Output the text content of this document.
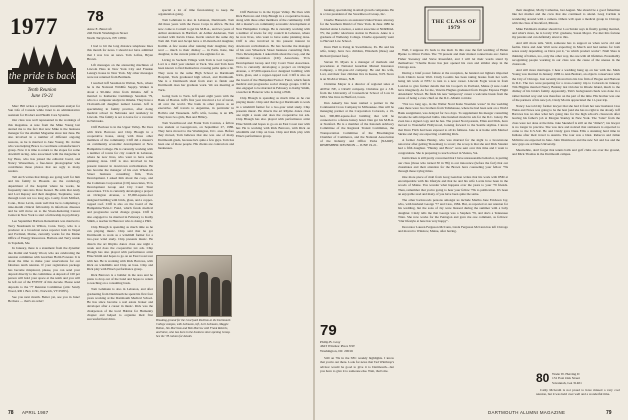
1977
the pride is back
Tenth Reunion
June 19-21

Marc Bill writes a properly investment analyst for Sun Life of Canada while Janet is an administrative assistant for Product and Health Care Systems.

Our class was well represented in the workings of this magazine. A note from the Mike Young last alerted me to the fact that now Mike is the business manager for the Alumni Magazine since last June. He also involved in a number of different ongoing reasons, as he is married to Jane Young. Dr. Jordan who was helping Bruce to coordinate a manufacturer's group. Now it is time to return to the slopes for some downhill racing. Also associated with the magazine is Jay Hess, who has joined the editorial board, and Nancy Wasserman, a free-lance photographer who contributes those photos that are ugly to many readers.

Tell Arch writes that things are going well for him and his family in Phoenix. As the cardiology department of the hospital where he works, he frequently runs into Dave Kessel. He adds that Andy and Lori Repasy and their daughter, Stephanie, were through town not too long ago. Lastly, from Milford, Conn., Dave Levin, stark well that he is completing a nine-month clinical fellowship in infectious diseases and he will move on to the Sloan-Kettering Cancer Center in New York to start a fellowship in psychiatry.

Lee September Barbara Reisenburn was married to Terry Nussbaum in Wilton, Conn. Terry, who is a producer at a broadcast news reporter both in Nepal and Portland, Maine, currently works for the Maine Office of Energy Resources. Barbara and Terry reside in Topsham, Me.

In January, there is a statement from the dynamic duo Romit and Sandy Wood, who are celebrating the reunion committee with Gretchen Holm Forester. It is about the time to make your reservations for our fabulous tenth reunion. If your registration package has become misplaced, please, you can send your deposit directly to the committee. A deposit of 100 per person will hold your space at the tenth and you will be left out of the EVENT of this decade. Please send deposits to the '77 Reunion Committee (attn: Sandy Wood, RD 1 Box 113C, Norwich, VT 05055).

See you next month. Better yet, see you in June! Be there — that's an order!

78
Anne E. Bancroft
246 North Washington Street
North Tarrytown, NY 10591

I had to hit the long distance telephone lines this month for news. I should not have admitted that I was low on news. Tom Loftus, Bryan Brown.

Lift messages on the answering machines of Lincoln Hass in New York City and Frankie Leung's house in New York. My other messages were not returned from Bermuda.

I reached Jeff Sassman in Walton, Neb., where he is the National Wildlife Supply. Walker is about a 90-mile drive from Omaha. Jeff is married to Katherine Cummings Sassman '79, who is a computer analyst in Omaha. They have a 19-month-old daughter named Lauren. Jeff is specializing in family practice, after doing medical school in Nebraska and residency in Lincoln. The family is set to leave for a vacation in Nebraska.

Cliff Barbour is in the Upper Valley. He lives with Rick Barrows and Chip Blough in a cooperative house, along with three other members of the community. Cliff did a master's on community economic development at New Hampshire College. He is currently working with a number of towns for city council in Lebanon, where he now lives, who want to have some planning done. Cliff is also involved in his present interest in downtown revitalization. He has become the manager of his own Wheelock Street business consulting firm, TGG Development. I asked him about the coop, and the Commons Corporation (CD) Associates, TCG Development Group and City Court Trust Associates. TCG is currently developing a project on Ovington Avenue, a 67,000-square-foot designed building with brick, glass, and a copper-topped roof. Cliff is also on the board of the Hampshire/Twin-C Fund, which funds medical and progressive social change groups. Cliff is also engaged to be married in February to Kathy Smith, a teacher in Hanover who is doing a PhD.

Chip Blough is spending as much time as he can playing music. Chip said that he got Dartmouth to work as a windmill farmer for a two-year wind study. Chip presents music. He directs the art Rhymo dance class one night a week and does the cooperative tax ads. Chip Blough has also played with performance artist Elise Smith and hopes to go on an East Coast tour with her. He is working with Rick Barrows, with Rick on windmills and Chip on bass. Chip and Rick play with Elise's performance group.

Rick Barrows is a builder in the area and he plans to drop out of the band and hopes to return to teaching on a consulting basis.

Tom Lehmann is also in Lebanon, and after graduating from Dartmouth he spent his first four years working at the Dartmouth Medical School. He has since become a real estate broker and developer after a career in music. Rick was the chairperson of the local Habitat for Humanity chapter and helped to organize their first successful fund drive.

special a lot of time fund-raising to keep the organization going.

Tom Lehmann is also in Lebanon, Dartmouth. Tom did three years with the Peace Corps in Africa. He has now come to Cornell to get his M.B.A., and two years of Arthur Andersen in Hartford. At Arthur Andersen, Tom worked with Kevin Chase. Kevin started the same day Tom did. Tom and Jacqui have a 10-month-old daughter, Kaitlin. A few weeks after running their daughter, they wed — much to their dismay — in Paris. Kate, like daughter, is the current pride of the eighties for us.

Living in Sachem Village with Tom is Lori Gaynor. Lori is a third year student at Tuck. She and Tom have been known to find themselves crossing paths quite a bit. They were in the same High School as Dartmouth Hospital, Tuck graduated high school, and Dartmouth. She is a Dartmouth ideal from start to finish and Dartmouth does her graduate work. We are meeting at Tuck.

Going back to Tuck. Jeff spent eight years with the Bank of Boston. Jeff's first year involved a lot of travel, all over the world. The bank in other places as an executive. Jeff travels to Argentina, in particular in Bolivia and Venezuela. Jeff's wife, Louise, is an RN. They have two girls, Ben and Hillary.

Tom Swarthwood and Frank Tom Carolan, a fellow low student at Georgetown, on September 27, 1986. They have moved to the Washington, D.C. area. Before they moved, Tom believes that she was one of many Dartmouth grads, because he's quite a few guys. Tom has been one of those people. His clients are contractors and businesses.

Breaking ground for the Courtyard Pavilion at the Dartmouth College campus, with Lehmann, left, Lori Lehmann, Maggie Bolton, Jim Morrison and Bob Morrow with Frank Roberts, and Steve, who has been in the business since opening Group. See the '78 column for details.

Cliff Barbour is in the Upper Valley. He lives with Rick Barrows and Chip Blough in a cooperative house, along with three other members of the community. Cliff did a master's on community economic development at New Hampshire College. He is currently working with a number of towns for city council in Lebanon, where he now lives, who want to have some planning done. Cliff is also involved in his present interest in downtown revitalization. He has become the manager of his own Wheelock Street business consulting firm, TGG Development. I asked him about the coop, and the Commons Corporation (CD) Associates, TCG Development Group and City Court Trust Associates. TCG is currently developing a project on Ovington Avenue, a 67,000-square-foot designed building with brick, glass, and a copper-topped roof. Cliff is also on the board of the Hampshire/Twin-C Fund, which funds medical and progressive social change groups. Cliff is also engaged to be married in February to Kathy Smith, a teacher in Hanover who is doing a PhD.

Chip Blough is spending as much time as he can playing music. Chip said that he got Dartmouth to work as a windmill farmer for a two-year wind study. Chip presents music. He directs the art Rhymo dance class one night a week and does the cooperative tax ads. Chip Blough has also played with performance artist Elise Smith and hopes to go on an East Coast tour with her. He is working with Rick Barrows, with Rick on windmills and Chip on bass. Chip and Rick play with Elise's performance group.

78 APRIL 1987

banking, specializing in small growth companies. He is a vice president of the Swarthwood Group, Inc.

Charlie Hansen is an assistant United States attorney for the Southern District of New York. In June 1986 he married Anne Lovelace, a senior associate at NORMAL TV, the public television station in Boston. Anne is a graduate of Wellesley College. Charlie apparently went to Harvard Law School.

Dave Hall is living in Swarthmore, Pa. He and his wife, Jenny, have two children, Elizabeth (three) and Richard (turned four).

Steven W. Myers is a manager of methods and procedures at National Guardian Mutual Insurance Company, a 60-year-old company. He and his wife, Lori, and their four children live in Keene, N.H. Steve is an NGM at Weare, N.H.

Christine Meyer is a director of regional sales at ADVA/ NE, a CRAN company. Christine got a J.D. from the University of Connecticut School of Law in 1984. She lives in Hartford, Conn.

Dan Aakerly has been named a partner in the Continental Cross Company in Milwaukee. Dan will be managing partner at the Corporation Colorado, a 19-bed, 300,000-square-foot building that will be connected to a future luxury hotel. Dan got his M.B.A. at Stanford. He is a member of the Katonah Advisory Committee of the Regional Transit Committee, the Transportation Committee of the Bloomington Chamber of Commerce, and the National Association of the Industry and Office Parks (NAIOP). REMEMBER: REUNION — JUNE 19-21.

79
Philip B. Gray
4623 Windsor Place NW
Washington, DC 20016

Still on 79s in the SEC weekly highlights. I know that you're out there. Look for news that Ted Winthrop's advisor would be good to give it to Dartmouth—but you have to give it to someone else. Wait, that's me.

THE CLASS OF 1979

Well, I suppose it's back to the mail. In this case the full wedding of Helen Bjerke to Oliver Pollan. The '79 present and their mutual connections are: Janice Fisher Sweeney and Steve Rosenfeld, and I will let their words stand by themselves: "Charlie Rowe has just opened his own and similar shop in the Chicago area.

During a brief power failure at the reception, he handed out lighters imported from China's Great Wall. Cindy Loomis has been taking breaks from her well-being lab work at NYU to turn to a new career. Lincoln Fogle wrote in from London to give further details that his Cooper's in Portland, Maine (I sure could have imagined). As for me, Vencita Hughes graduated from People Express Flight Attendants' School. He finds his new 'temporary' career a welcome break from the stress of being a crew chief on the D.C.-Miami corridor.

"Not too long ago, in the Walter Nord Katie Woerlein wrote" In the wedding cake there were two brothers from Tallahassee, where he had been sent on a World Bank assignment, was delayed for two days. To supplement his meager consulting income he sells imported bulbs. One hundred model in ads for the D.C. lottery. He even has a signed copy and he has. The proud Nord parents, Ellen and Dick, have moved to Wonderful Hollywood, looking forward to the Seattle skyline. I know that Dave Fitch had been exposed to all its fullness. Jane is at home with Marisol Skrine and they are expecting a lambing Rick.

A former Joshua Hanley, who was married for the night to a brownstone renovator after getting 'Rosenberg to scour', the scoop is that she and Dick Stauder had a fifth daughter. "Hanley and Brow" were sent over this time and I want to congratulate. She is preparing to teach school in Vienna, VA.

Justin Rees is still pretty concerned that I have unreasonable behavior, is putting our class (those who turned 30 in '86) to our innocence (before the fact) that our classmates and their attention for the Brown have counseling your fellow '79s through these trying times.

One more piece of mail from Greg Gendron writes that his work with IBM at encomparable with his lifestyle and that he and his wife Lorrie have been in the woods of Maine. You wonder what happens over the years to your '79 friends. Then, remember that you're going to hear your fellow '79s to publication. It's been an enjoyable read and many of you have been quite the same.

The other backwoods persons amongst us include Martha Jane Erickson Jay, who, with husband George '77 and Cass, 1984. But, as reported at our reunion for his wedding, but the sons of Jay were blessed during the summer with a baby daughter. Cindy tells me that George was a Stephen '79, and she's a Tennessee Titan. She now works for the Pentagon and gave me one comment, as follows: "Our lifestyle at here has very happy".

Decorator Lauren Ferguson McCann, Linda Ferguson McCann has left Chicago and moved to Winslow, Maine, after having.

their daughter, Molly Catherine, last August. She should be a good fisherman like her mother and the crew that she continued to attend. Greg Carlisle is wandering around with a camera. Others will open a medical group in Chicago with the class of Rockford, Illinois.

Mike Feldman's mother should be: Lou Snider says in finally getting married, and what's more, he is lovely USC graduate, Susan Meyer. I've met this fortune my parents and can definitely attest to this.

And still more tails. Well, someone has to support us when we're old and feeble. Dave and Ann Wall were expecting in March and had names for both sexes ready depending, as Dave put it, "as which product works". Niall Shea is thinking of babies, too, only the other way, the one with all lifetimes. Presumably recognizing people working in our class was the cause of the unease in the classroom.

And still more marriages. I hear a wedding hung up on her with me. Mark Young was married in January 1986 to Ann Boshart, an objects conservator with the City of Chicago. Just recently moved into his law firm of Hogan and Hartson in D.C. The two were preparing for a cross-country trip to Colorado in January. Tim Higgins married Nancy Barkley last October in Rhode Island, much to the dismay of his bride's family. Apparently, Tim's background check was done in a rather hurried way and was therefore on the part of the time. His brother was one of the partners of his new job, Cindy Morris appreciated the 11-year trip.

Nancy Lee told my former lawyer that she had it from her new husband. Lisa Weiss and Nowe was going to be the best (and she has no right to me about). Jeff Barrows has no idea what he's going into for the high school's classwork after leaving his father's job at Morgan Stanley in New York. The "tales" from the class were not done at the time. Jake Skenderf is still on the "dime's"; tax lawyer is no longer in practice. She was nice and noticed that stationers is expected to come to the U.S.S.R. He and Cindy gave Dana Ellis a stunning hard time in Indiana after their travel to Austria. The tour was a blast. Rebecca and Jamie McIntire are expected in June. John Westmoore and the new Sol and Joe and the new guys are at Duke University.

Meanwhile, don't forget that tennis balls and golf clubs are over the ground, and Mick Thomas in the Dartmouth campus.

80 Wade W. Herring II
131 East Oak Street
Savannah, GA 31401

Cathy McGrath is not proud to have missed a very cool reunion, but it was held over well and a wonderful time.

DARTMOUTH ALUMNI MAGAZINE	79
